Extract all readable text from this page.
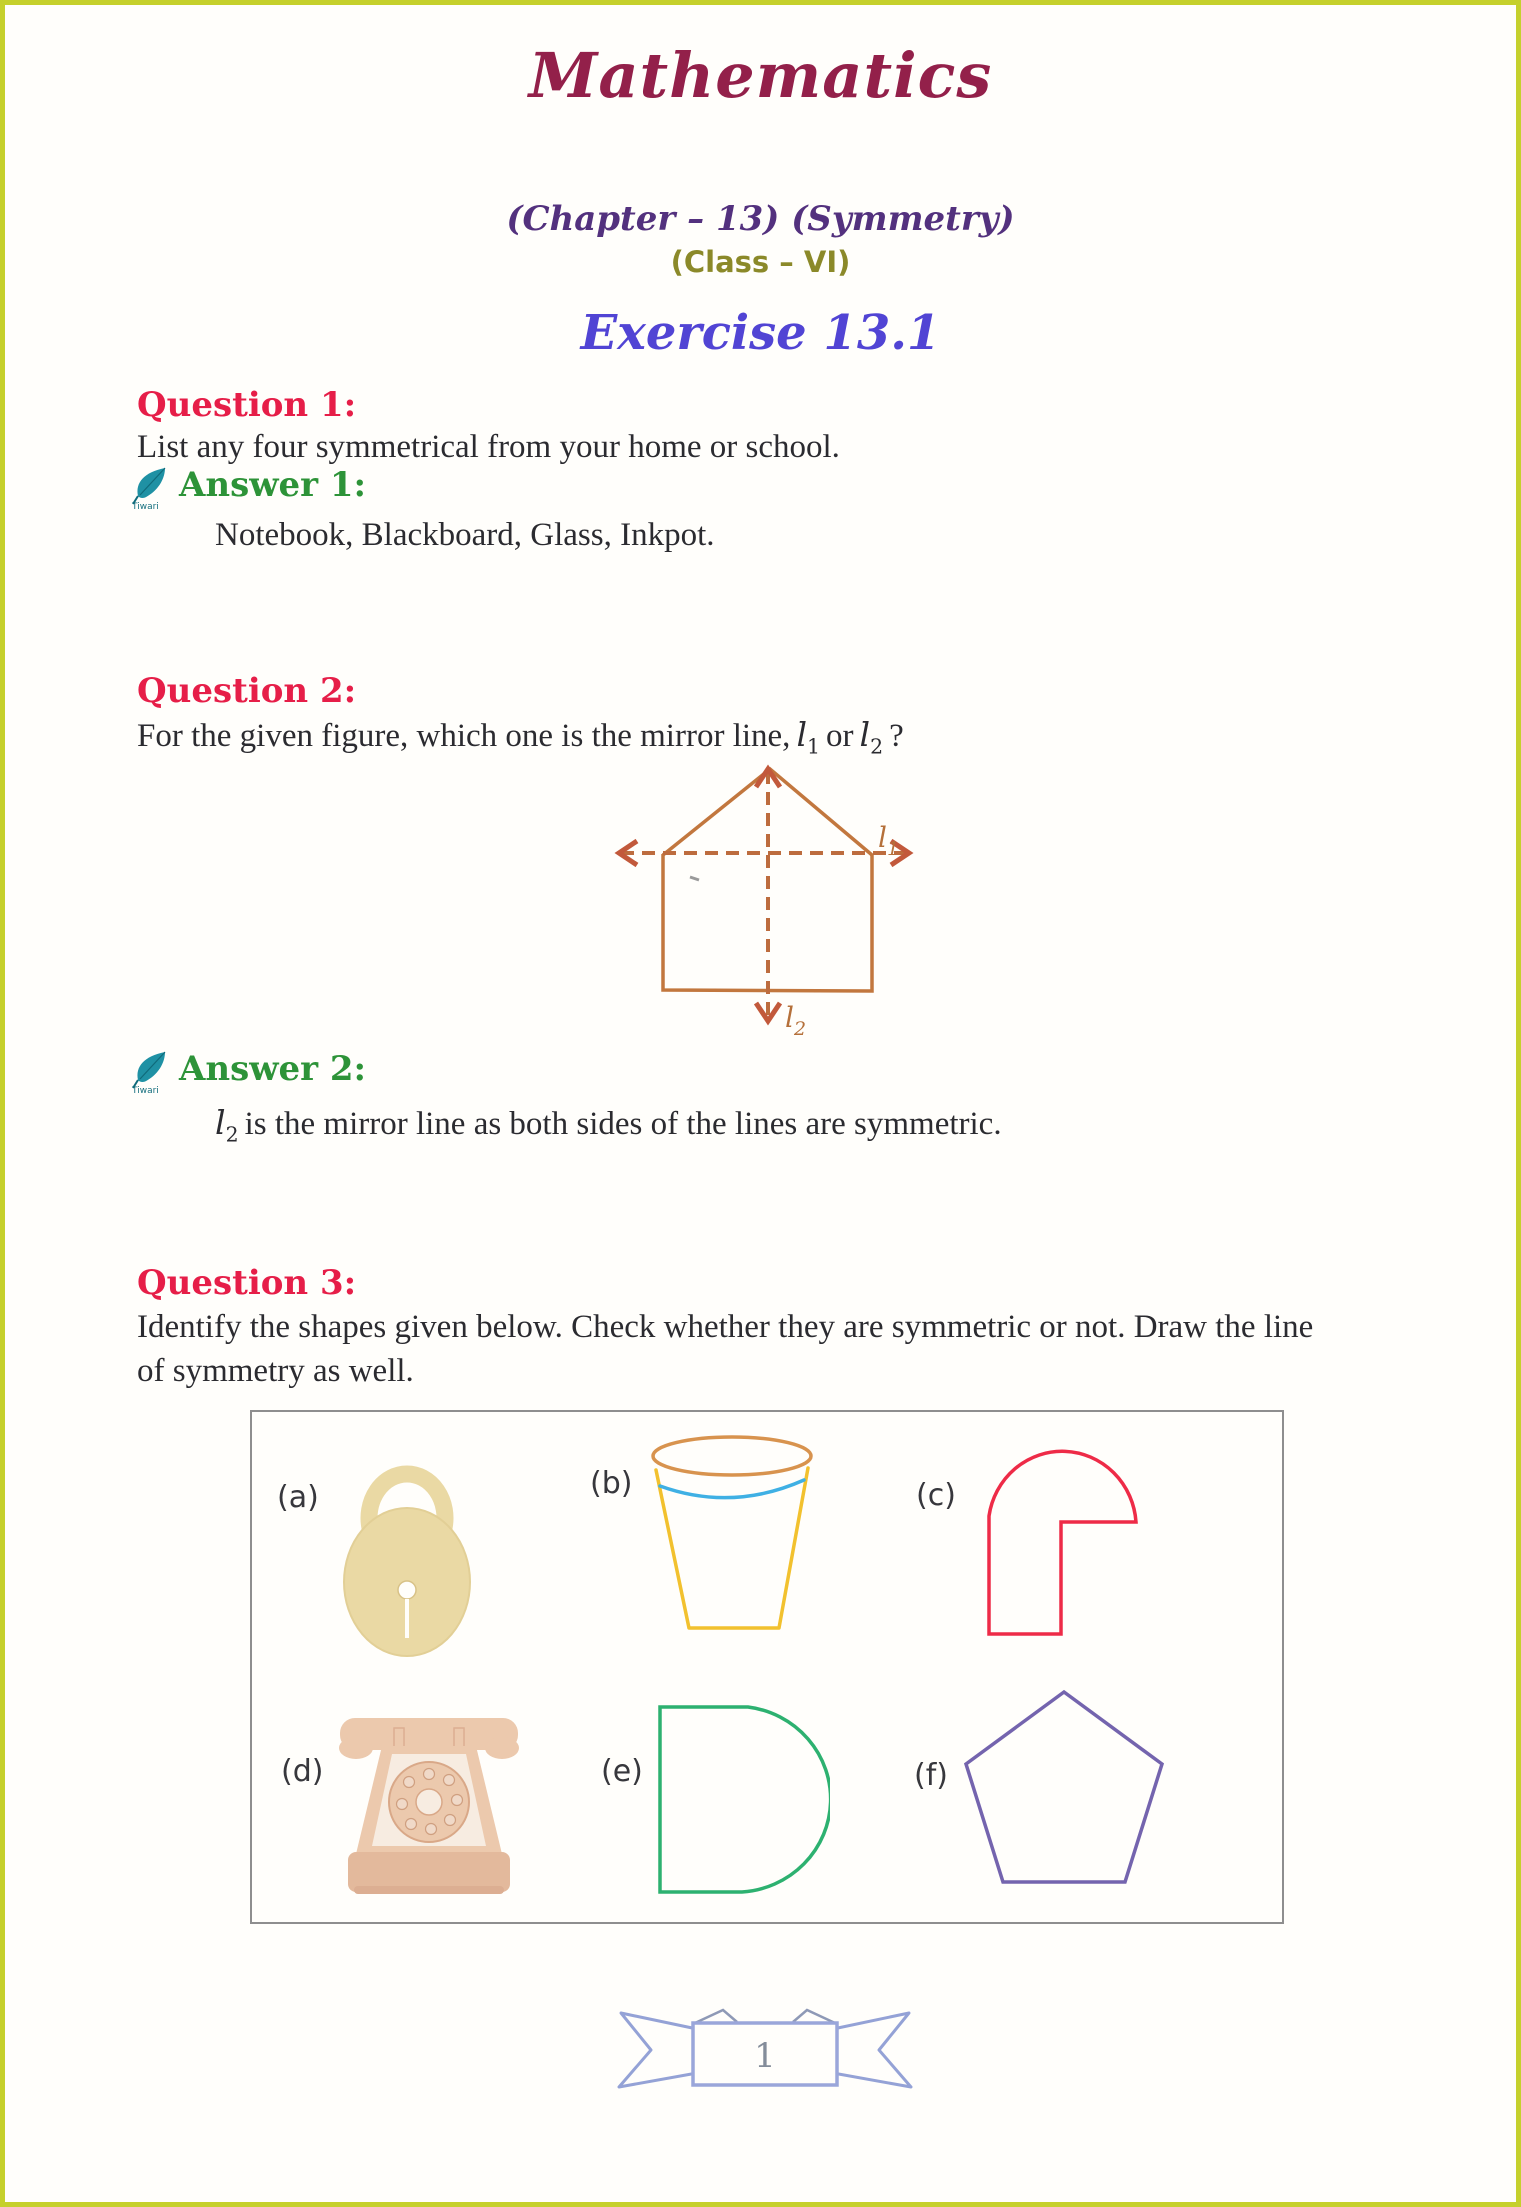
Mathematics
(Chapter – 13) (Symmetry)
(Class – VI)
Exercise 13.1
Question 1:
List any four symmetrical from your home or school.
Tiwari
Answer 1:
Notebook, Blackboard, Glass, Inkpot.
Question 2:
For the given figure, which one is the mirror line, $l_1$ or $l_2$ ?
$l_1$
$l_2$
Tiwari
Answer 2:
$l_2$ is the mirror line as both sides of the lines are symmetric.
Question 3:
Identify the shapes given below. Check whether they are symmetric or not. Draw the line
of symmetry as well.
(a)	(b)	(c)
(d)	(e)	(f)
1
